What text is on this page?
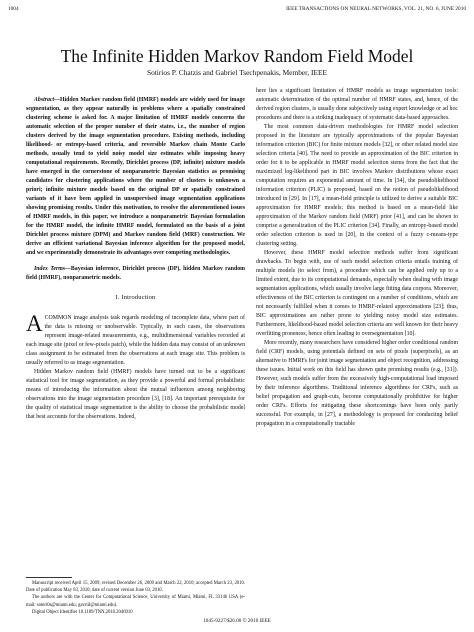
1004	IEEE TRANSACTIONS ON NEURAL NETWORKS, VOL. 21, NO. 6, JUNE 2010
The Infinite Hidden Markov Random Field Model
Sotirios P. Chatzis and Gabriel Tsechpenakis, Member, IEEE

Abstract—Hidden Markov random field (HMRF) models are widely used for image segmentation, as they appear naturally in problems where a spatially constrained clustering scheme is asked for. A major limitation of HMRF models concerns the automatic selection of the proper number of their states, i.e., the number of region clusters derived by the image segmentation procedure. Existing methods, including likelihood- or entropy-based criteria, and reversible Markov chain Monte Carlo methods, usually tend to yield noisy model size estimates while imposing heavy computational requirements. Recently, Dirichlet process (DP, infinite) mixture models have emerged in the cornerstone of nonparametric Bayesian statistics as promising candidates for clustering applications where the number of clusters is unknown a priori; infinite mixture models based on the original DP or spatially constrained variants of it have been applied in unsupervised image segmentation applications showing promising results. Under this motivation, to resolve the aforementioned issues of HMRF models, in this paper, we introduce a nonparametric Bayesian formulation for the HMRF model, the infinite HMRF model, formulated on the basis of a joint Dirichlet process mixture (DPM) and Markov random field (MRF) construction. We derive an efficient variational Bayesian inference algorithm for the proposed model, and we experimentally demonstrate its advantages over competing methodologies.

Index Terms—Bayesian inference, Dirichlet process (DP), hidden Markov random field (HMRF), nonparametric models.

I. Introduction

ACOMMON image analysis task regards modeling of incomplete data, where part of the data is missing or unobservable. Typically, in such cases, the observations represent image-related measurements, e.g., multidimensional variables recorded at each image site (pixel or few-pixels patch), while the hidden data may consist of an unknown class assignment to be estimated from the observations at each image site. This problem is usually referred to as image segmentation.

Hidden Markov random field (HMRF) models have turned out to be a significant statistical tool for image segmentation, as they provide a powerful and formal probabilistic means of introducing the information about the mutual influences among neighboring observations into the image segmentation procedure [3], [18]. An important prerequisite for the quality of statistical image segmentation is the ability to choose the probabilistic model that best accounts for the observations. Indeed,

Manuscript received April 15, 2009; revised December 26, 2009 and March 22, 2010; accepted March 23, 2010. Date of publication May 03, 2010; date of current version June 03, 2010.

The authors are with the Center for Computational Science, University of Miami, Miami, FL 33146 USA (e-mail: soteri0s@miami.edu; gavriil@miami.edu).

Digital Object Identifier 10.1109/TNN.2010.2046910

here lies a significant limitation of HMRF models as image segmentation tools: automatic determination of the optimal number of HMRF states, and, hence, of the derived region clusters, is usually done subjectively using expert knowledge or ad hoc procedures and there is a striking inadequacy of systematic data-based approaches.

The most common data-driven methodologies for HMRF model selection proposed in the literature are typically approximations of the popular Bayesian information criterion (BIC) for finite mixture models [32], or other related model size selection criteria [40]. The need to provide an approximation of the BIC criterion in order for it to be applicable in HMRF model selection stems from the fact that the maximized log-likelihood part in BIC involves Markov distributions whose exact computation requires an exponential amount of time. In [34], the pseudolikelihood information criterion (PLIC) is proposed, based on the notion of pseudolikelihood introduced in [29]. In [17], a mean-field principle is utilized to derive a suitable BIC approximation for HMRF models; this method is based on a mean-field like approximation of the Markov random field (MRF) prior [41], and can be shown to comprise a generalization of the PLIC criterion [34]. Finally, an entropy-based model order selection criterion is used in [20], in the context of a fuzzy c-means-type clustering setting.

However, these HMRF model selection methods suffer from significant drawbacks. To begin with, use of such model selection criteria entails training of multiple models (to select from), a procedure which can be applied only up to a limited extent, due to its computational demands, especially when dealing with image segmentation applications, which usually involve large fitting data corpora. Moreover, effectiveness of the BIC criterion is contingent on a number of conditions, which are not necessarily fulfilled when it comes to HMRF-related approximations [23]; thus, BIC approximations are rather prone to yielding noisy model size estimates. Furthermore, likelihood-based model selection criteria are well known for their heavy overfitting proneness, hence often leading to oversegmentation [10].

More recently, many researchers have considered higher order conditional random field (CRF) models, using potentials defined on sets of pixels (superpixels), as an alternative to HMRFs for joint image segmentation and object recognition, addressing these issues. Initial work on this field has shown quite promising results (e.g., [31]). However, such models suffer from the excessively high-computational load imposed by their inference algorithms. Traditional inference algorithms for CRFs, such as belief propagation and graph-cuts, become computationally prohibitive for higher order CRFs. Efforts for mitigating these shortcomings have been only partly successful. For example, in [27], a methodology is proposed for conducting belief propagation in a computationally tractable

1045-9227/$26.00 © 2010 IEEE
